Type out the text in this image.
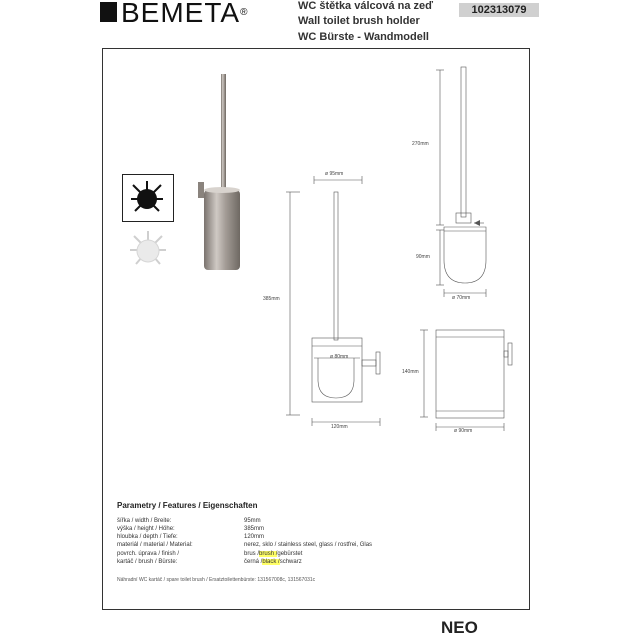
BEMETA®
WC štětka válcová na zeď
Wall toilet brush holder
WC Bürste - Wandmodell
102313079
ø 95mm
385mm
ø 80mm
120mm
270mm
90mm
ø 70mm
140mm
ø 90mm
Parametry / Features / Eigenschaften
šířka / width / Breite:	95mm
výška / height / Höhe:	385mm
hloubka / depth / Tiefe:	120mm
materiál / material / Material:	nerez, sklo / stainless steel, glass / rostfrei, Glas
povrch. úprava / finish /	brus /brush /gebürstet
kartáč / brush / Bürste:	černá /black /schwarz
Náhradní WC kartáč / spare toilet brush / Ersatztoilettenbürste: 131567008c, 131567031c
NEO
